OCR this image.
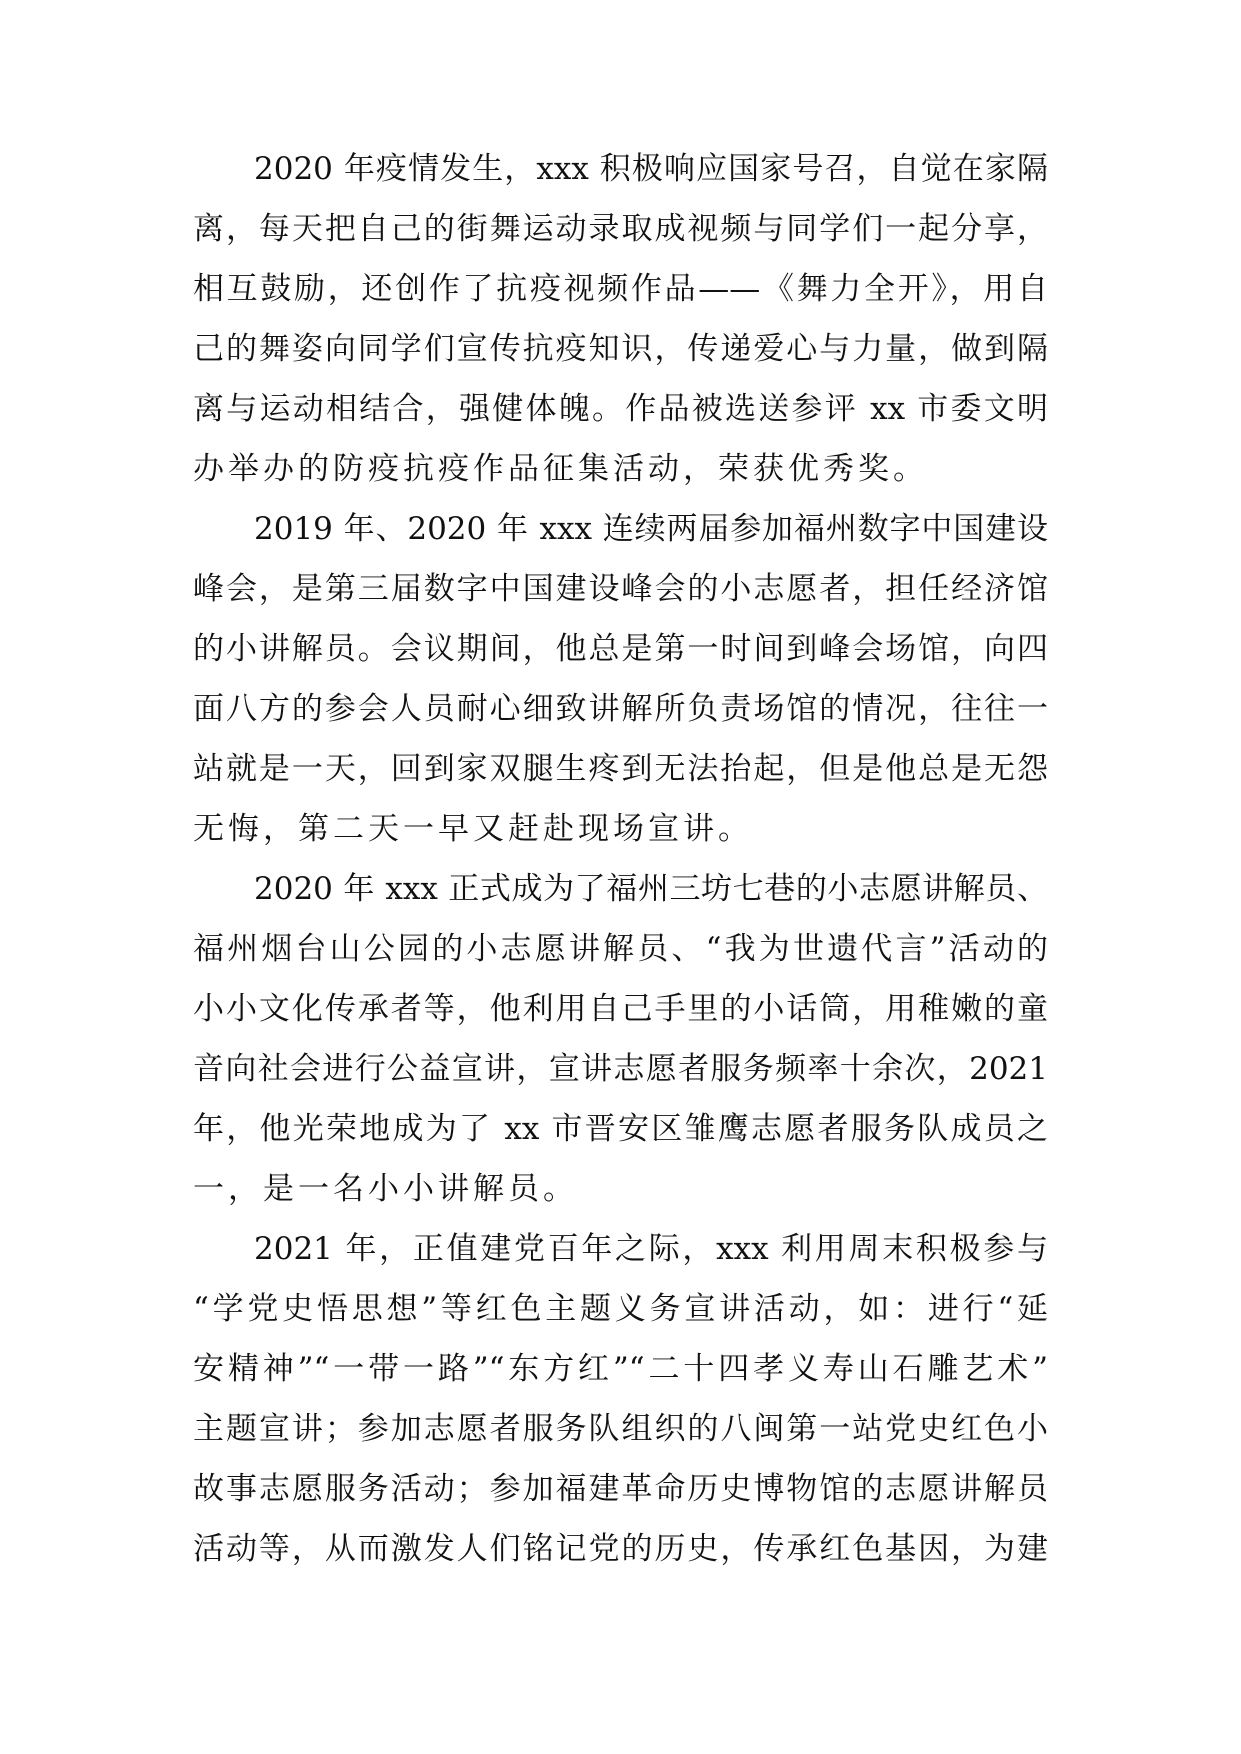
2020 年疫情发生，xxx 积极响应国家号召，自觉在家隔
离，每天把自己的街舞运动录取成视频与同学们一起分享，
相互鼓励，还创作了抗疫视频作品——《舞力全开》，用自
己的舞姿向同学们宣传抗疫知识，传递爱心与力量，做到隔
离与运动相结合，强健体魄。作品被选送参评 xx 市委文明
办举办的防疫抗疫作品征集活动，荣获优秀奖。
2019 年、2020 年 xxx 连续两届参加福州数字中国建设
峰会，是第三届数字中国建设峰会的小志愿者，担任经济馆
的小讲解员。会议期间，他总是第一时间到峰会场馆，向四
面八方的参会人员耐心细致讲解所负责场馆的情况，往往一
站就是一天，回到家双腿生疼到无法抬起，但是他总是无怨
无悔，第二天一早又赶赴现场宣讲。
2020 年 xxx 正式成为了福州三坊七巷的小志愿讲解员、
福州烟台山公园的小志愿讲解员、“我为世遗代言”活动的
小小文化传承者等，他利用自己手里的小话筒，用稚嫩的童
音向社会进行公益宣讲，宣讲志愿者服务频率十余次，2021
年，他光荣地成为了 xx 市晋安区雏鹰志愿者服务队成员之
一，是一名小小讲解员。
2021 年，正值建党百年之际，xxx 利用周末积极参与
“学党史悟思想”等红色主题义务宣讲活动，如：进行“延
安精神”“一带一路”“东方红”“二十四孝义寿山石雕艺术”
主题宣讲；参加志愿者服务队组织的八闽第一站党史红色小
故事志愿服务活动；参加福建革命历史博物馆的志愿讲解员
活动等，从而激发人们铭记党的历史，传承红色基因，为建
